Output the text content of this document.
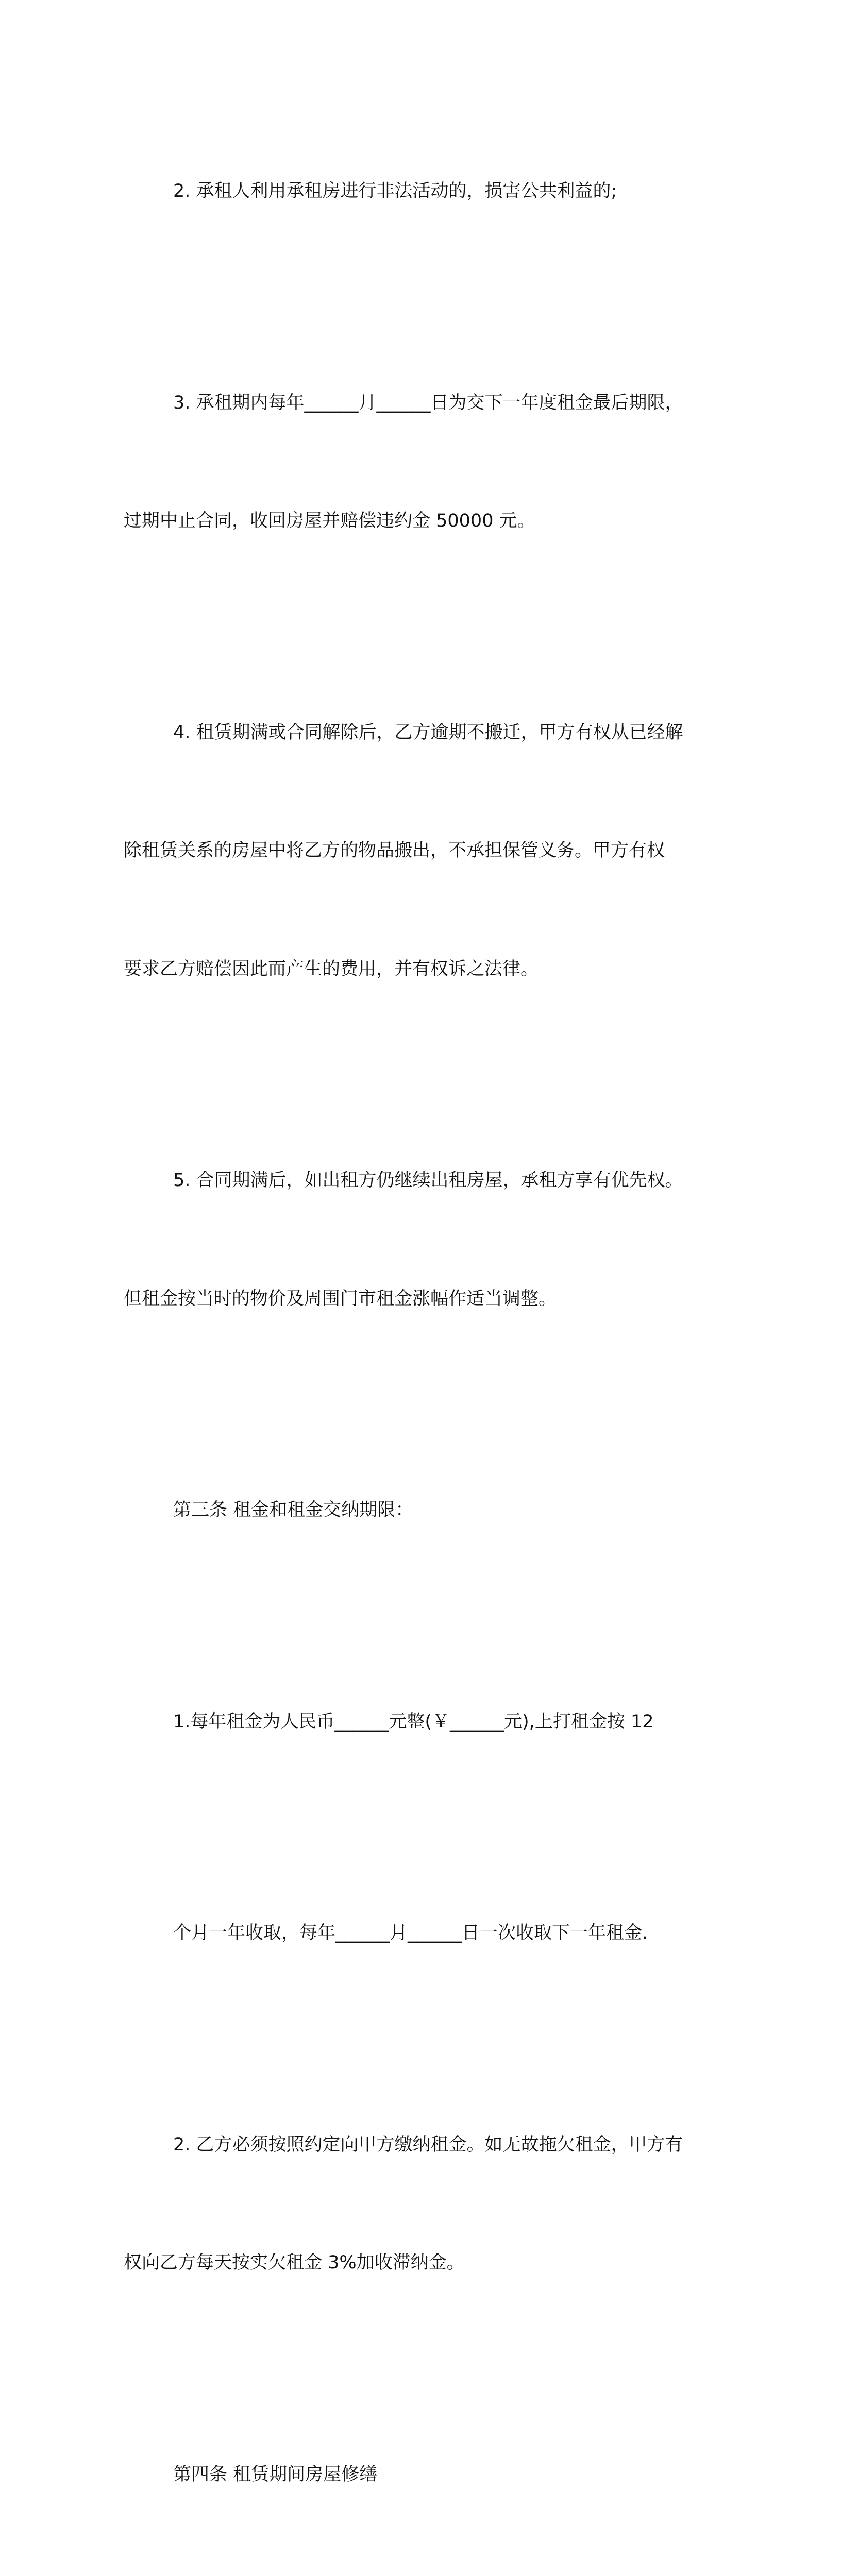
2. 承租人利用承租房进行非法活动的，损害公共利益的;

3. 承租期内每年______月______日为交下一年度租金最后期限，

过期中止合同，收回房屋并赔偿违约金 50000 元。

4. 租赁期满或合同解除后，乙方逾期不搬迁，甲方有权从已经解

除租赁关系的房屋中将乙方的物品搬出，不承担保管义务。甲方有权

要求乙方赔偿因此而产生的费用，并有权诉之法律。

5. 合同期满后，如出租方仍继续出租房屋，承租方享有优先权。

但租金按当时的物价及周围门市租金涨幅作适当调整。

第三条 租金和租金交纳期限：

1.每年租金为人民币______元整(￥______元),上打租金按 12

个月一年收取，每年______月______日一次收取下一年租金.

2. 乙方必须按照约定向甲方缴纳租金。如无故拖欠租金，甲方有

权向乙方每天按实欠租金 3%加收滞纳金。

第四条 租赁期间房屋修缮
